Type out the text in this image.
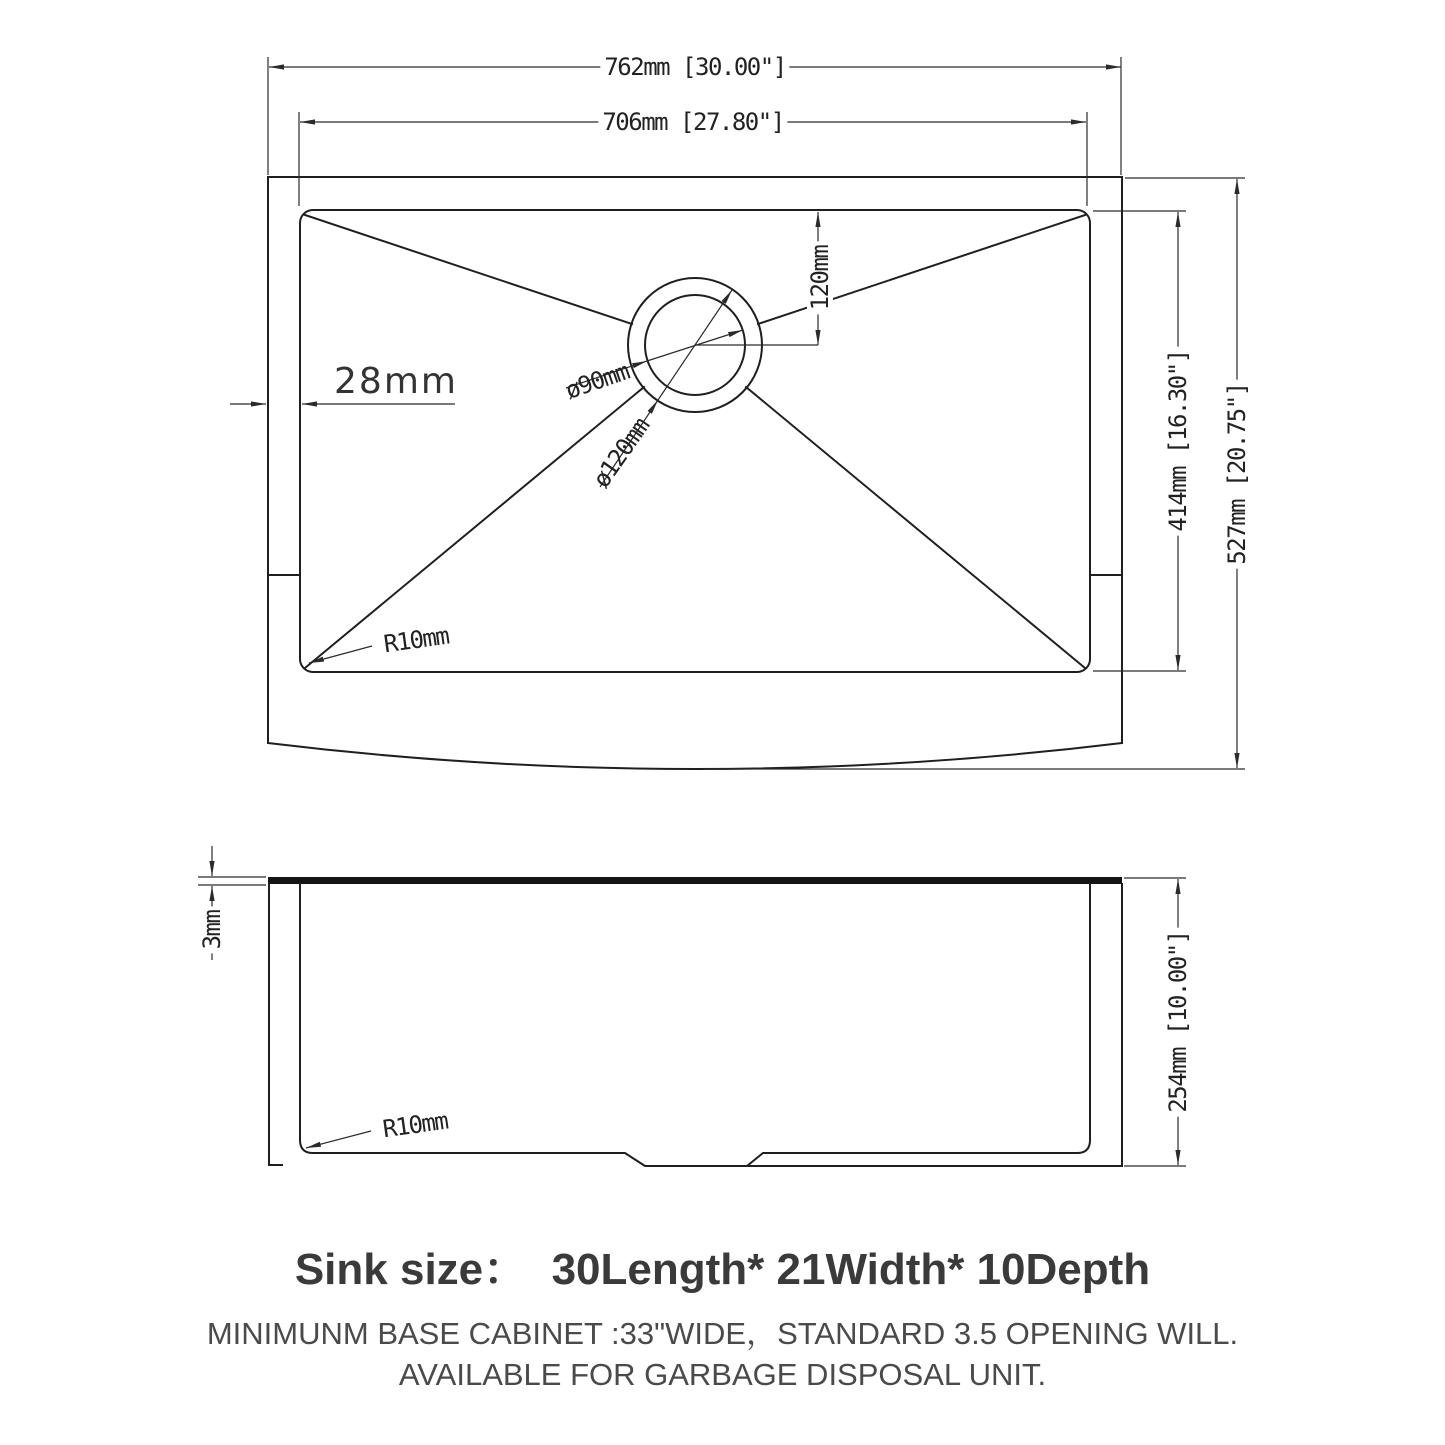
762mm [30.00"]
706mm [27.80"]
28mm
120mm
ø90mm
ø120mm
R10mm
414mm [16.30"] 527mm [20.75"]
3mm
254mm [10.00"]
R10mm
Sink size：  30Length* 21Width* 10Depth
MINIMUNM BASE CABINET :33"WIDE，STANDARD 3.5 OPENING WILL.
AVAILABLE FOR GARBAGE DISPOSAL UNIT.
